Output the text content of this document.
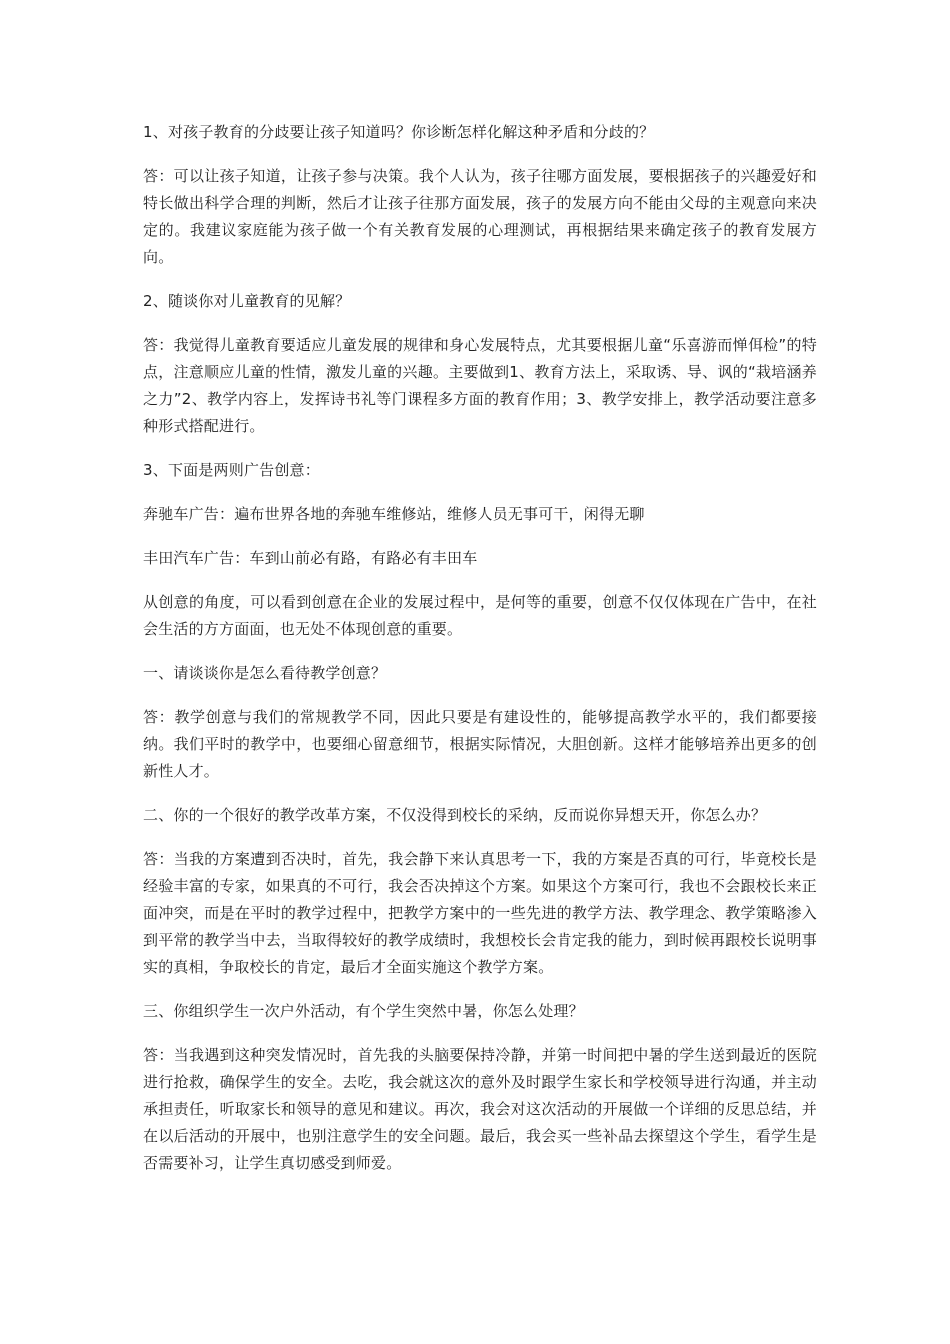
1、对孩子教育的分歧要让孩子知道吗？你诊断怎样化解这种矛盾和分歧的？

答：可以让孩子知道，让孩子参与决策。我个人认为，孩子往哪方面发展，要根据孩子的兴趣爱好和特长做出科学合理的判断，然后才让孩子往那方面发展，孩子的发展方向不能由父母的主观意向来决定的。我建议家庭能为孩子做一个有关教育发展的心理测试，再根据结果来确定孩子的教育发展方向。

2、随谈你对儿童教育的见解？

答：我觉得儿童教育要适应儿童发展的规律和身心发展特点，尤其要根据儿童“乐喜游而惮佴检”的特点，注意顺应儿童的性情，激发儿童的兴趣。主要做到1、教育方法上，采取诱、导、讽的“栽培涵养之力”2、教学内容上，发挥诗书礼等门课程多方面的教育作用；3、教学安排上，教学活动要注意多种形式搭配进行。

3、下面是两则广告创意：

奔驰车广告：遍布世界各地的奔驰车维修站，维修人员无事可干，闲得无聊

丰田汽车广告：车到山前必有路，有路必有丰田车

从创意的角度，可以看到创意在企业的发展过程中，是何等的重要，创意不仅仅体现在广告中，在社会生活的方方面面，也无处不体现创意的重要。

一、请谈谈你是怎么看待教学创意？

答：教学创意与我们的常规教学不同，因此只要是有建设性的，能够提高教学水平的，我们都要接纳。我们平时的教学中，也要细心留意细节，根据实际情况，大胆创新。这样才能够培养出更多的创新性人才。

二、你的一个很好的教学改革方案，不仅没得到校长的采纳，反而说你异想天开，你怎么办？

答：当我的方案遭到否决时，首先，我会静下来认真思考一下，我的方案是否真的可行，毕竟校长是经验丰富的专家，如果真的不可行，我会否决掉这个方案。如果这个方案可行，我也不会跟校长来正面冲突，而是在平时的教学过程中，把教学方案中的一些先进的教学方法、教学理念、教学策略渗入到平常的教学当中去，当取得较好的教学成绩时，我想校长会肯定我的能力，到时候再跟校长说明事实的真相，争取校长的肯定，最后才全面实施这个教学方案。

三、你组织学生一次户外活动，有个学生突然中暑，你怎么处理？

答：当我遇到这种突发情况时，首先我的头脑要保持冷静，并第一时间把中暑的学生送到最近的医院进行抢救，确保学生的安全。去吃，我会就这次的意外及时跟学生家长和学校领导进行沟通，并主动承担责任，听取家长和领导的意见和建议。再次，我会对这次活动的开展做一个详细的反思总结，并在以后活动的开展中，也别注意学生的安全问题。最后，我会买一些补品去探望这个学生，看学生是否需要补习，让学生真切感受到师爱。
